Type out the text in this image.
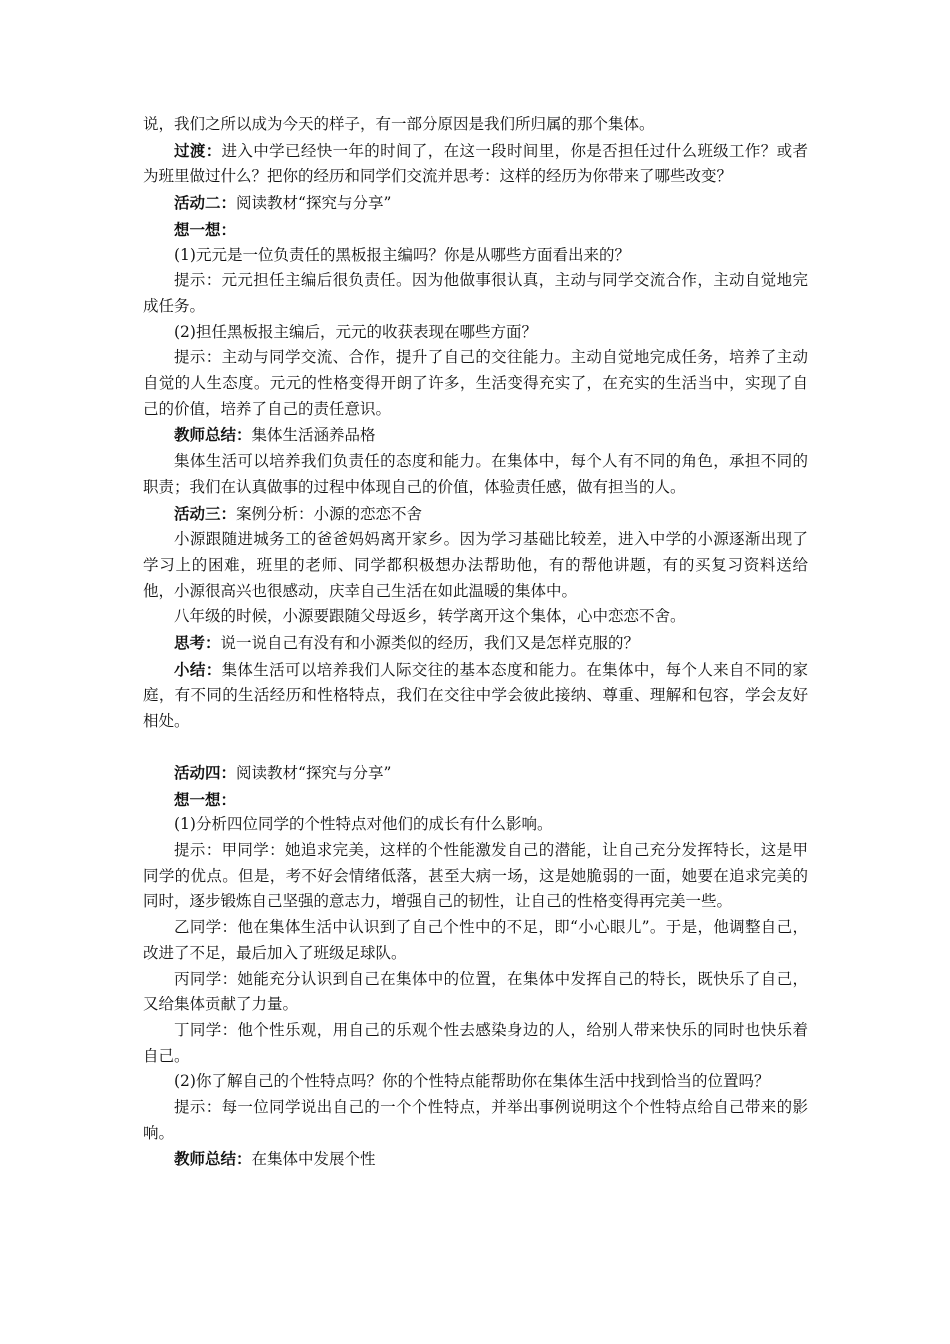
说，我们之所以成为今天的样子，有一部分原因是我们所归属的那个集体。

过渡：进入中学已经快一年的时间了，在这一段时间里，你是否担任过什么班级工作？或者为班里做过什么？把你的经历和同学们交流并思考：这样的经历为你带来了哪些改变？

活动二：阅读教材“探究与分享”

想一想：

(1)元元是一位负责任的黑板报主编吗？你是从哪些方面看出来的？

提示：元元担任主编后很负责任。因为他做事很认真，主动与同学交流合作，主动自觉地完成任务。

(2)担任黑板报主编后，元元的收获表现在哪些方面？

提示：主动与同学交流、合作，提升了自己的交往能力。主动自觉地完成任务，培养了主动自觉的人生态度。元元的性格变得开朗了许多，生活变得充实了，在充实的生活当中，实现了自己的价值，培养了自己的责任意识。

教师总结：集体生活涵养品格

集体生活可以培养我们负责任的态度和能力。在集体中，每个人有不同的角色，承担不同的职责；我们在认真做事的过程中体现自己的价值，体验责任感，做有担当的人。

活动三：案例分析：小源的恋恋不舍

小源跟随进城务工的爸爸妈妈离开家乡。因为学习基础比较差，进入中学的小源逐渐出现了学习上的困难，班里的老师、同学都积极想办法帮助他，有的帮他讲题，有的买复习资料送给他，小源很高兴也很感动，庆幸自己生活在如此温暖的集体中。

八年级的时候，小源要跟随父母返乡，转学离开这个集体，心中恋恋不舍。

思考：说一说自己有没有和小源类似的经历，我们又是怎样克服的？

小结：集体生活可以培养我们人际交往的基本态度和能力。在集体中，每个人来自不同的家庭，有不同的生活经历和性格特点，我们在交往中学会彼此接纳、尊重、理解和包容，学会友好相处。

活动四：阅读教材“探究与分享”

想一想：

(1)分析四位同学的个性特点对他们的成长有什么影响。

提示：甲同学：她追求完美，这样的个性能激发自己的潜能，让自己充分发挥特长，这是甲同学的优点。但是，考不好会情绪低落，甚至大病一场，这是她脆弱的一面，她要在追求完美的同时，逐步锻炼自己坚强的意志力，增强自己的韧性，让自己的性格变得再完美一些。

乙同学：他在集体生活中认识到了自己个性中的不足，即“小心眼儿”。于是，他调整自己，改进了不足，最后加入了班级足球队。

丙同学：她能充分认识到自己在集体中的位置，在集体中发挥自己的特长，既快乐了自己，又给集体贡献了力量。

丁同学：他个性乐观，用自己的乐观个性去感染身边的人，给别人带来快乐的同时也快乐着自己。

(2)你了解自己的个性特点吗？你的个性特点能帮助你在集体生活中找到恰当的位置吗？

提示：每一位同学说出自己的一个个性特点，并举出事例说明这个个性特点给自己带来的影响。

教师总结：在集体中发展个性
